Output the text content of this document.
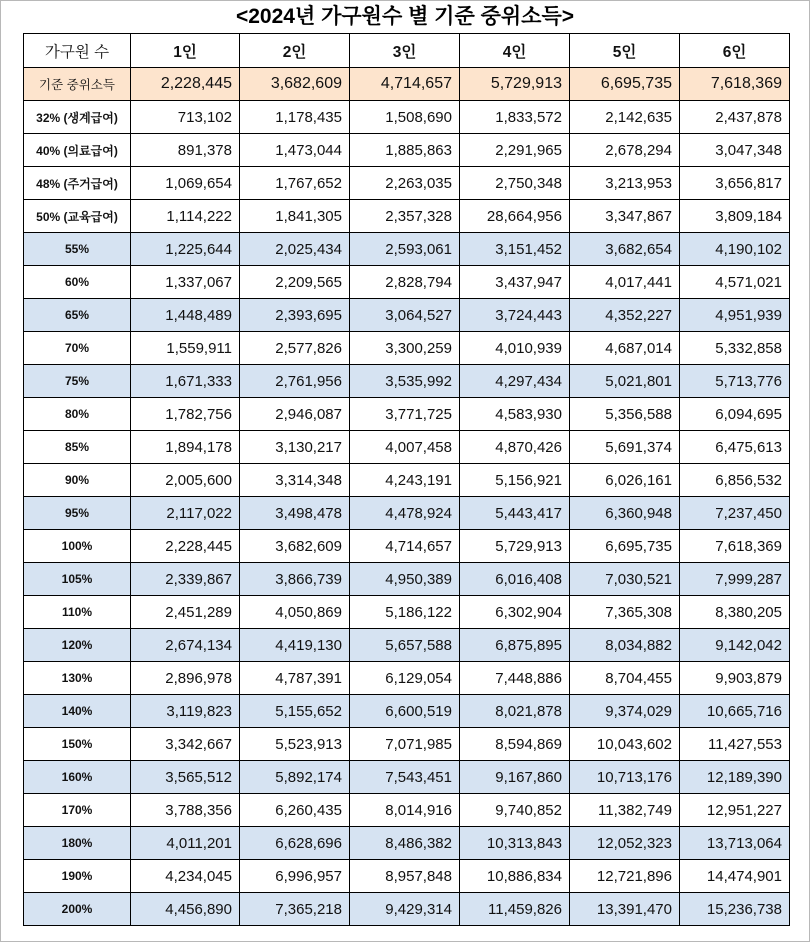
<2024년 가구원수 별 기준 중위소득>
가구원 수	1인	2인	3인	4인	5인	6인
기준 중위소득	2,228,445	3,682,609	4,714,657	5,729,913	6,695,735	7,618,369
32% (생계급여)	713,102	1,178,435	1,508,690	1,833,572	2,142,635	2,437,878
40% (의료급여)	891,378	1,473,044	1,885,863	2,291,965	2,678,294	3,047,348
48% (주거급여)	1,069,654	1,767,652	2,263,035	2,750,348	3,213,953	3,656,817
50% (교육급여)	1,114,222	1,841,305	2,357,328	28,664,956	3,347,867	3,809,184
55%	1,225,644	2,025,434	2,593,061	3,151,452	3,682,654	4,190,102
60%	1,337,067	2,209,565	2,828,794	3,437,947	4,017,441	4,571,021
65%	1,448,489	2,393,695	3,064,527	3,724,443	4,352,227	4,951,939
70%	1,559,911	2,577,826	3,300,259	4,010,939	4,687,014	5,332,858
75%	1,671,333	2,761,956	3,535,992	4,297,434	5,021,801	5,713,776
80%	1,782,756	2,946,087	3,771,725	4,583,930	5,356,588	6,094,695
85%	1,894,178	3,130,217	4,007,458	4,870,426	5,691,374	6,475,613
90%	2,005,600	3,314,348	4,243,191	5,156,921	6,026,161	6,856,532
95%	2,117,022	3,498,478	4,478,924	5,443,417	6,360,948	7,237,450
100%	2,228,445	3,682,609	4,714,657	5,729,913	6,695,735	7,618,369
105%	2,339,867	3,866,739	4,950,389	6,016,408	7,030,521	7,999,287
110%	2,451,289	4,050,869	5,186,122	6,302,904	7,365,308	8,380,205
120%	2,674,134	4,419,130	5,657,588	6,875,895	8,034,882	9,142,042
130%	2,896,978	4,787,391	6,129,054	7,448,886	8,704,455	9,903,879
140%	3,119,823	5,155,652	6,600,519	8,021,878	9,374,029	10,665,716
150%	3,342,667	5,523,913	7,071,985	8,594,869	10,043,602	11,427,553
160%	3,565,512	5,892,174	7,543,451	9,167,860	10,713,176	12,189,390
170%	3,788,356	6,260,435	8,014,916	9,740,852	11,382,749	12,951,227
180%	4,011,201	6,628,696	8,486,382	10,313,843	12,052,323	13,713,064
190%	4,234,045	6,996,957	8,957,848	10,886,834	12,721,896	14,474,901
200%	4,456,890	7,365,218	9,429,314	11,459,826	13,391,470	15,236,738
